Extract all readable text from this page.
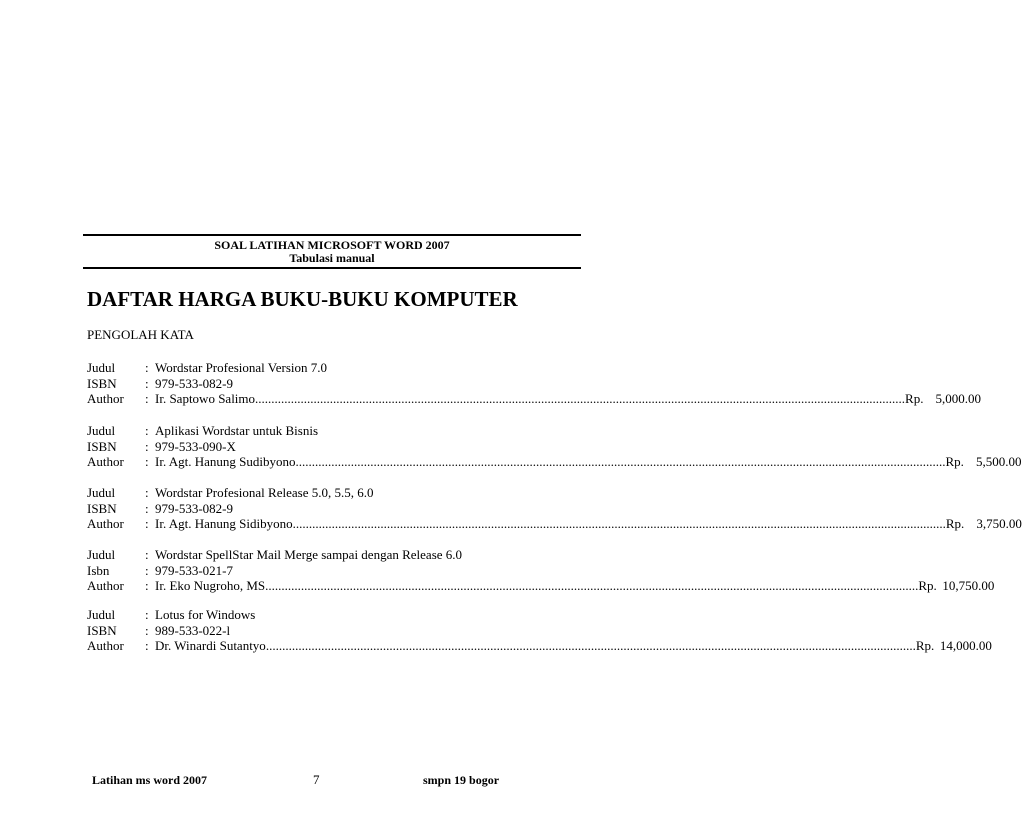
SOAL LATIHAN MICROSOFT WORD 2007
Tabulasi manual
DAFTAR HARGA BUKU-BUKU KOMPUTER
PENGOLAH KATA
Judul : Wordstar Profesional Version 7.0
ISBN : 979-533-082-9
Author : Ir. Saptowo Salimo ........................................................................................................................................................................................................ Rp. 5,000.00
Judul : Aplikasi Wordstar untuk Bisnis
ISBN : 979-533-090-X
Author : Ir. Agt. Hanung Sudibyono ........................................................................................................................................................................................................ Rp. 5,500.00
Judul : Wordstar Profesional Release 5.0, 5.5, 6.0
ISBN : 979-533-082-9
Author : Ir. Agt. Hanung Sidibyono. ........................................................................................................................................................................................................ Rp. 3,750.00
Judul : Wordstar SpellStar Mail Merge sampai dengan Release 6.0
Isbn	: 979-533-021-7
Author : Ir. Eko Nugroho, MS. ........................................................................................................................................................................................................ Rp. 10,750.00
Judul : Lotus for Windows
ISBN : 989-533-022-l
Author : Dr. Winardi Sutantyo ........................................................................................................................................................................................................ Rp. 14,000.00
Latihan ms word 2007	7	smpn 19 bogor
